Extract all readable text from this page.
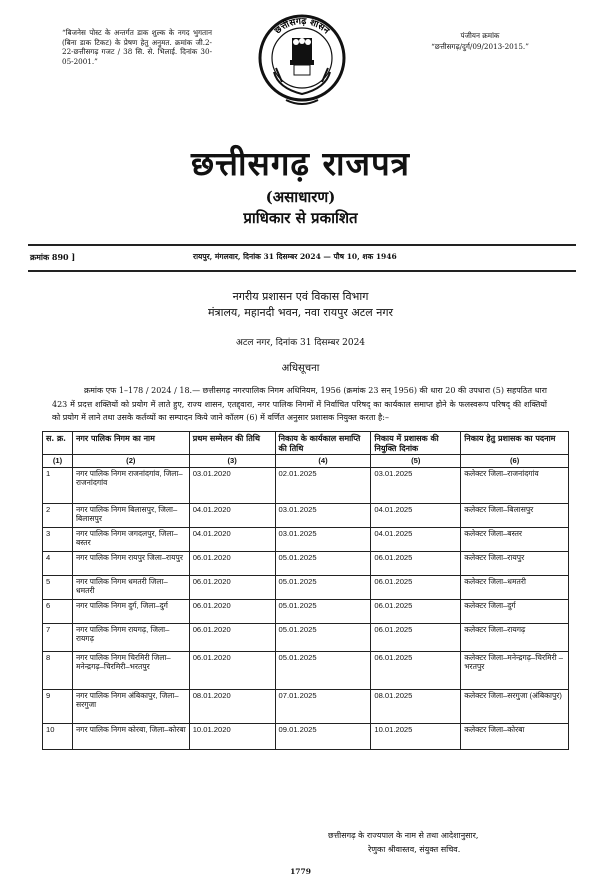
“बिजनेस पोस्ट के अन्तर्गत डाक शुल्क के नगद भुगतान (बिना डाक टिकट) के प्रेषण हेतु अनुमत. क्रमांक जी.2-22-छत्तीसगढ़ गजट / 38 सि. से. भिलाई. दिनांक 30-05-2001.”
छत्तीसगढ़ शासन	पंजीयन क्रमांक
“छत्तीसगढ़/दुर्ग/09/2013-2015.”
छत्तीसगढ़ राजपत्र
(असाधारण)
प्राधिकार से प्रकाशित
क्रमांक 890 ]	रायपुर, मंगलवार, दिनांक 31 दिसम्बर 2024 — पौष 10, शक 1946
नगरीय प्रशासन एवं विकास विभाग
मंत्रालय, महानदी भवन, नवा रायपुर अटल नगर
अटल नगर, दिनांक 31 दिसम्बर 2024
अधिसूचना
क्रमांक एफ 1–178 / 2024 / 18.— छत्तीसगढ़ नगरपालिक निगम अधिनियम, 1956 (क्रमांक 23 सन् 1956) की धारा 20 की उपधारा (5) सहपठित धारा 423 में प्रदत्त शक्तियों को प्रयोग में लाते हुए, राज्य शासन, एतद्द्वारा, नगर पालिक निगमों में निर्वाचित परिषद् का कार्यकाल समाप्त होने के फलस्वरूप परिषद् की शक्तियों को प्रयोग में लाने तथा उसके कर्तव्यों का सम्पादन किये जाने कॉलम (6) में वर्णित अनुसार प्रशासक नियुक्त करता है:–
स. क्र.	नगर पालिक निगम का नाम	प्रथम सम्मेलन की तिथि	निकाय के कार्यकाल समाप्ति की तिथि	निकाय में प्रशासक की नियुक्ति दिनांक	निकाय हेतु प्रशासक का पदनाम
(1)	(2)	(3)	(4)	(5)	(6)
1	नगर पालिक निगम राजनांदगांव, जिला–राजनांदगांव	03.01.2020	02.01.2025	03.01.2025	कलेक्टर जिला–राजनांदगांव
2	नगर पालिक निगम बिलासपुर, जिला–बिलासपुर	04.01.2020	03.01.2025	04.01.2025	कलेक्टर जिला–बिलासपुर
3	नगर पालिक निगम जगदलपुर, जिला–बस्तर	04.01.2020	03.01.2025	04.01.2025	कलेक्टर जिला–बस्तर
4	नगर पालिक निगम रायपुर जिला–रायपुर	06.01.2020	05.01.2025	06.01.2025	कलेक्टर जिला–रायपुर
5	नगर पालिक निगम धमतरी जिला–धमतरी	06.01.2020	05.01.2025	06.01.2025	कलेक्टर जिला–धमतरी
6	नगर पालिक निगम दुर्ग, जिला–दुर्ग	06.01.2020	05.01.2025	06.01.2025	कलेक्टर जिला–दुर्ग
7	नगर पालिक निगम रायगढ़, जिला–रायगढ़	06.01.2020	05.01.2025	06.01.2025	कलेक्टर जिला–रायगढ़
8	नगर पालिक निगम चिरमिरी जिला–मनेन्द्रगढ़–चिरमिरी–भरतपुर	06.01.2020	05.01.2025	06.01.2025	कलेक्टर जिला–मनेन्द्रगढ़–चिरमिरी –भरतपुर
9	नगर पालिक निगम अंबिकापुर, जिला–सरगुजा	08.01.2020	07.01.2025	08.01.2025	कलेक्टर जिला–सरगुजा (अंबिकापुर)
10	नगर पालिक निगम कोरबा, जिला–कोरबा	10.01.2020	09.01.2025	10.01.2025	कलेक्टर जिला–कोरबा
छत्तीसगढ़ के राज्यपाल के नाम से तथा आदेशानुसार,
रेणुका श्रीवास्तव, संयुक्त सचिव.
1779
